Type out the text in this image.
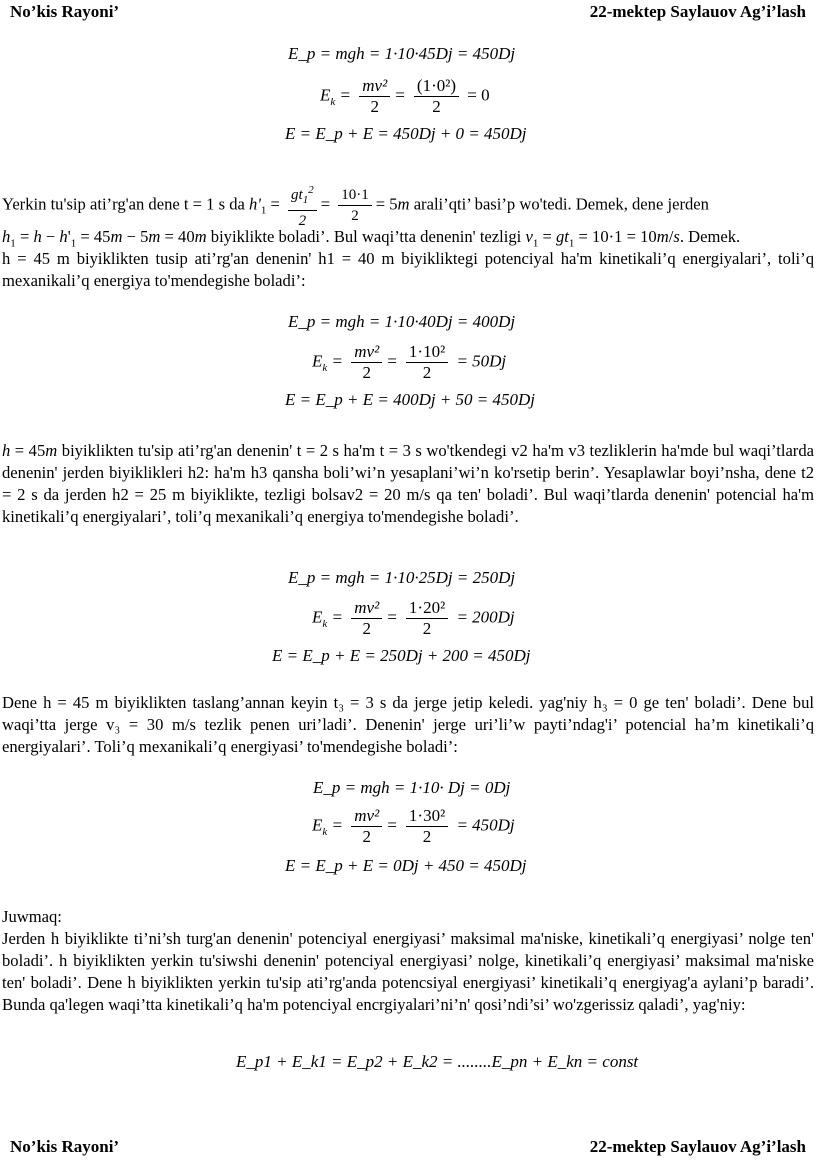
No’kis Rayoni’	22-mektep Saylauov Ag’i’lash
E_p = mgh = 1·10·45Dj = 450Dj
$E_k = \frac{\text{mv²}}{2} = \frac{\text{(1·0²)}}{2} = 0$
E = E_p + E = 450Dj + 0 = 450Dj
Yerkin tu'sip ati’rg'an dene t = 1 s da $h'_1 = \frac{gt_1^2}{2} = \frac{10\cdot 1}{2} = 5m$ arali’qti’ basi’p wo'tedi. Demek, dene jerden
$h_1 = h - h'_1 = 45m - 5m = 40m$ biyiklikte boladi’. Bul waqi’tta denenin' tezligi $v_1 = gt_1 = 10\cdot 1 = 10m/s$. Demek.

h = 45 m biyiklikten tusip ati’rg'an denenin' h1 = 40 m biyikliktegi potenciyal ha'm kinetikali’q energiyalari’, toli’q mexanikali’q energiya to'mendegishe boladi’:

E_p = mgh = 1·10·40Dj = 400Dj
$E_k = \frac{\text{mv²}}{2} = \frac{\text{1·10²}}{2} = 50Dj$
E = E_p + E = 400Dj + 50 = 450Dj

h = 45m biyiklikten tu'sip ati’rg'an denenin' t = 2 s ha'm t = 3 s wo'tkendegi v2 ha'm v3 tezliklerin ha'mde bul waqi’tlarda denenin' jerden biyiklikleri h2: ha'm h3 qansha boli’wi’n yesaplani’wi’n ko'rsetip berin’. Yesaplawlar boyi’nsha, dene t2 = 2 s da jerden h2 = 25 m biyiklikte, tezligi bolsav2 = 20 m/s qa ten' boladi’. Bul waqi’tlarda denenin' potencial ha'm kinetikali’q energiyalari’, toli’q mexanikali’q energiya to'mendegishe boladi’.

E_p = mgh = 1·10·25Dj = 250Dj
$E_k = \frac{\text{mv²}}{2} = \frac{\text{1·20²}}{2} = 200Dj$
E = E_p + E = 250Dj + 200 = 450Dj

Dene h = 45 m biyiklikten taslang’annan keyin t₃ = 3 s da jerge jetip keledi. yag'niy h₃ = 0 ge ten' boladi’. Dene bul waqi’tta jerge v₃ = 30 m/s tezlik penen uri’ladi’. Denenin' jerge uri’li’w payti’ndag'i’ potencial ha’m kinetikali’q energiyalari’. Toli’q mexanikali’q energiyasi’ to'mendegishe boladi’:

E_p = mgh = 1·10· Dj = 0Dj
$E_k = \frac{\text{mv²}}{2} = \frac{\text{1·30²}}{2} = 450Dj$
E = E_p + E = 0Dj + 450 = 450Dj

Juwmaq:

Jerden h biyiklikte ti’ni’sh turg'an denenin' potenciyal energiyasi’ maksimal ma'niske, kinetikali’q energiyasi’ nolge ten' boladi’. h biyiklikten yerkin tu'siwshi denenin' potenciyal energiyasi’ nolge, kinetikali’q energiyasi’ maksimal ma'niske ten' boladi’. Dene h biyiklikten yerkin tu'sip ati’rg'anda potencsiyal energiyasi’ kinetikali’q energiyag'a aylani’p baradi’. Bunda qa'legen waqi’tta kinetikali’q ha'm potenciyal encrgiyalari’ni’n' qosi’ndi’si’ wo'zgerissiz qaladi’, yag'niy:

E_p1 + E_k1 = E_p2 + E_k2 = ........E_pn + E_kn = const
No’kis Rayoni’	22-mektep Saylauov Ag’i’lash
